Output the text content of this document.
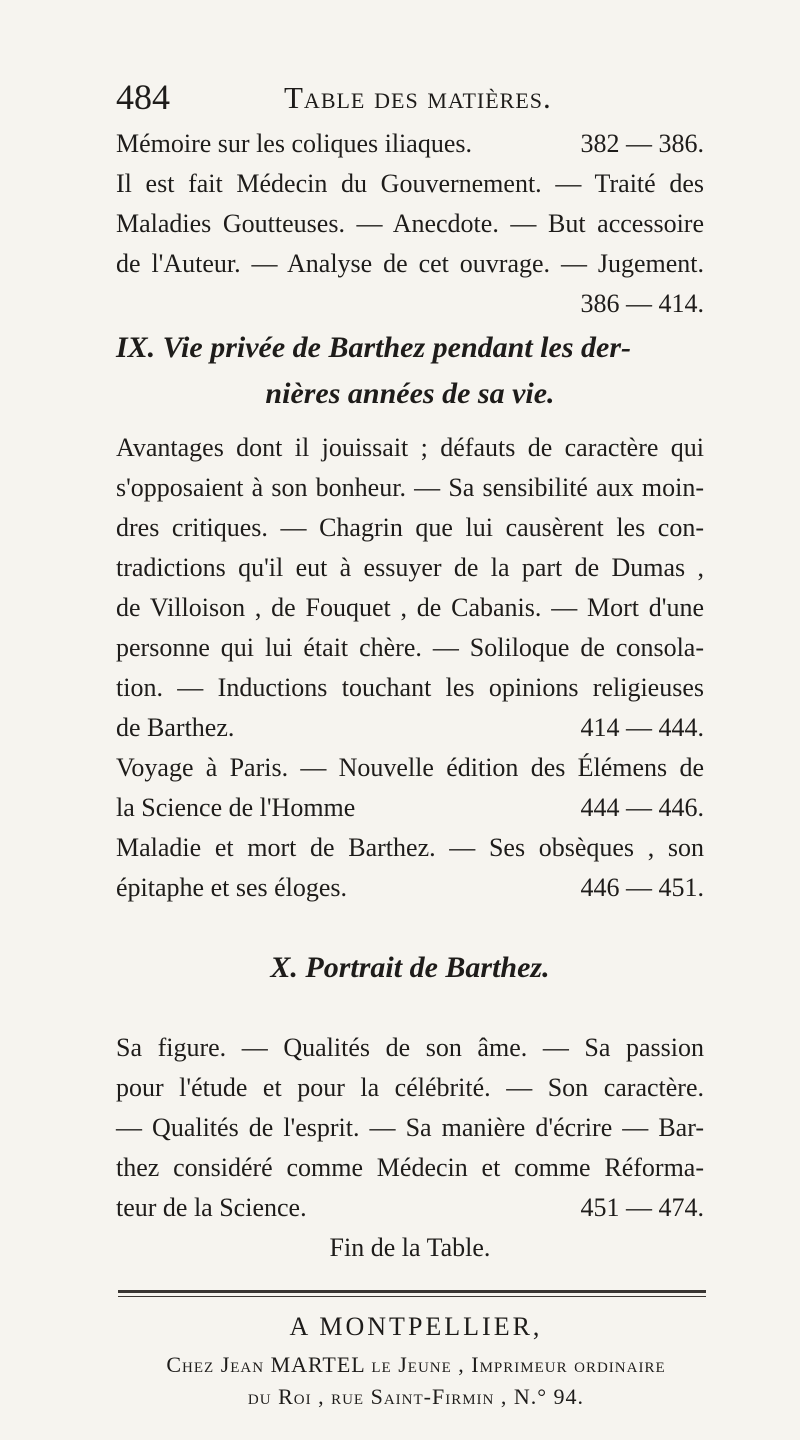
484	Table des matières.
Mémoire sur les coliques iliaques.	382 — 386.
Il est fait Médecin du Gouvernement. — Traité des
Maladies Goutteuses. — Anecdote. — But accessoire
de l'Auteur. — Analyse de cet ouvrage. — Jugement.
386 — 414.
IX. Vie privée de Barthez pendant les der-
nières années de sa vie.
Avantages dont il jouissait ; défauts de caractère qui
s'opposaient à son bonheur. — Sa sensibilité aux moin-
dres critiques. — Chagrin que lui causèrent les con-
tradictions qu'il eut à essuyer de la part de Dumas ,
de Villoison , de Fouquet , de Cabanis. — Mort d'une
personne qui lui était chère. — Soliloque de consola-
tion. — Inductions touchant les opinions religieuses
de Barthez.	414 — 444.
Voyage à Paris. — Nouvelle édition des Élémens de
la Science de l'Homme	444 — 446.
Maladie et mort de Barthez. — Ses obsèques , son
épitaphe et ses éloges.	446 — 451.
X. Portrait de Barthez.
Sa figure. — Qualités de son âme. — Sa passion
pour l'étude et pour la célébrité. — Son caractère.
— Qualités de l'esprit. — Sa manière d'écrire — Bar-
thez considéré comme Médecin et comme Réforma-
teur de la Science.	451 — 474.
Fin de la Table.
A MONTPELLIER,
Chez Jean MARTEL le Jeune , Imprimeur ordinaire
du Roi , rue Saint-Firmin , N.° 94.
